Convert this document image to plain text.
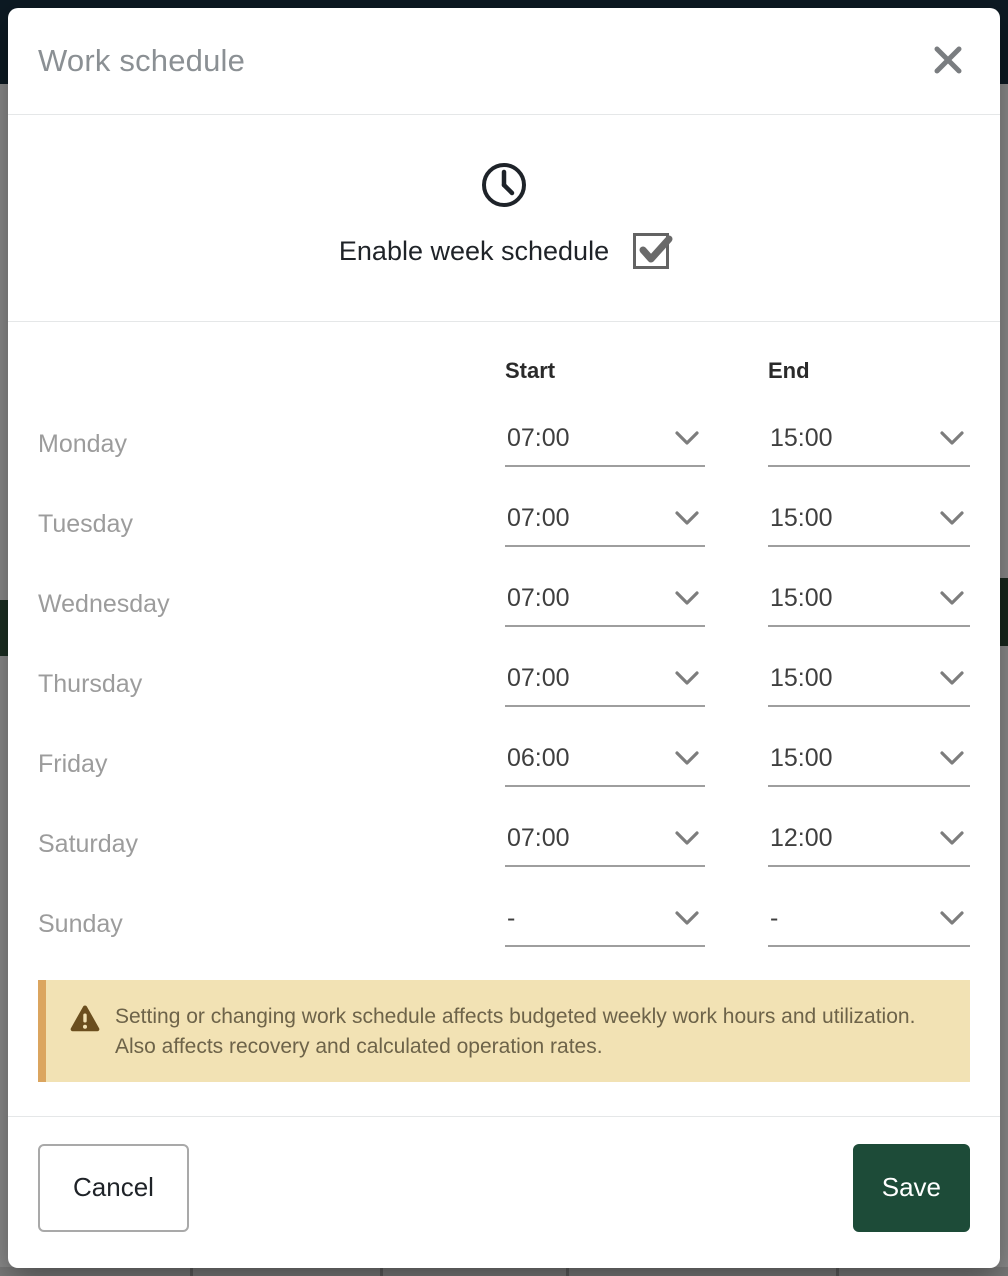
Work schedule
Enable week schedule
Start	End
Monday	07:00	15:00
Tuesday	07:00	15:00
Wednesday	07:00	15:00
Thursday	07:00	15:00
Friday	06:00	15:00
Saturday	07:00	12:00
Sunday	-	-
Setting or changing work schedule affects budgeted weekly work hours and utilization. Also affects recovery and calculated operation rates.
Cancel	Save
